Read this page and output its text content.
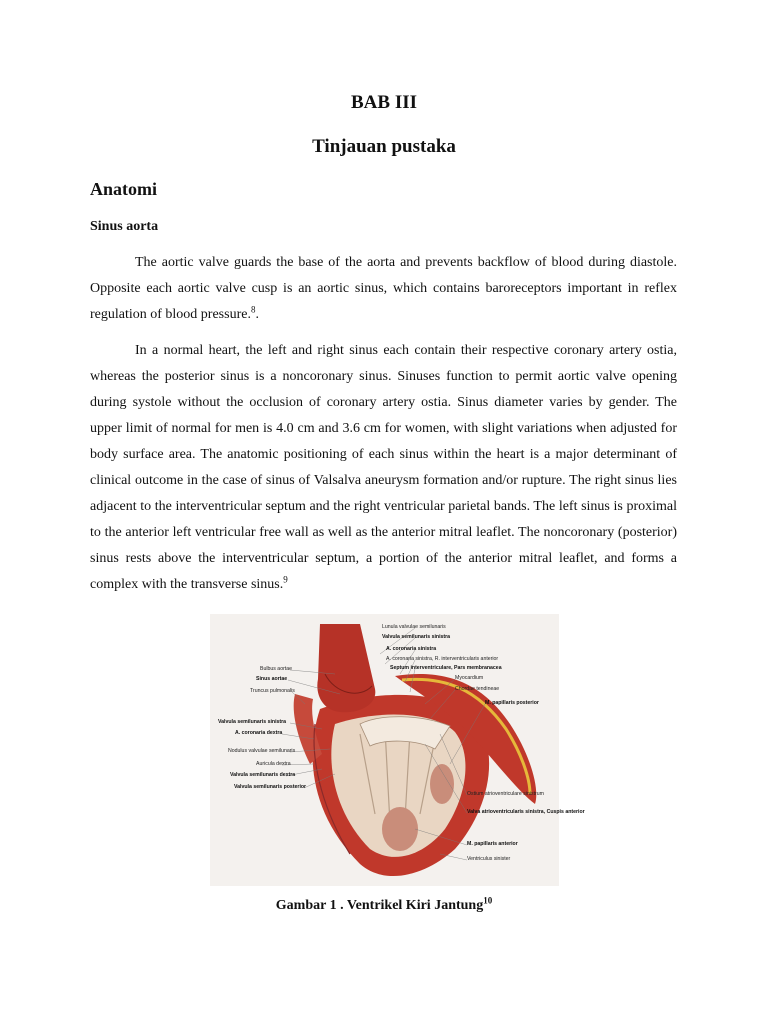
BAB III
Tinjauan pustaka
Anatomi
Sinus aorta

The aortic valve guards the base of the aorta and prevents backflow of blood during diastole. Opposite each aortic valve cusp is an aortic sinus, which contains baroreceptors important in reflex regulation of blood pressure.$^8$.

In a normal heart, the left and right sinus each contain their respective coronary artery ostia, whereas the posterior sinus is a noncoronary sinus. Sinuses function to permit aortic valve opening during systole without the occlusion of coronary artery ostia. Sinus diameter varies by gender. The upper limit of normal for men is 4.0 cm and 3.6 cm for women, with slight variations when adjusted for body surface area. The anatomic positioning of each sinus within the heart is a major determinant of clinical outcome in the case of sinus of Valsalva aneurysm formation and/or rupture. The right sinus lies adjacent to the interventricular septum and the right ventricular parietal bands. The left sinus is proximal to the anterior left ventricular free wall as well as the anterior mitral leaflet. The noncoronary (posterior) sinus rests above the interventricular septum, a portion of the anterior mitral leaflet, and forms a complex with the transverse sinus.$^9$

Bulbus aortae
Sinus aortae
Truncus pulmonalis
Valvula semilunaris sinistra
A. coronaria dextra
Nodulus valvulae semilunaris
Auricula dextra
Valvula semilunaris dextra
Valvula semilunaris posterior
Lunula valvulae semilunaris
Valvula semilunaris sinistra
A. coronaria sinistra
A. coronaria sinistra, R. interventricularis anterior
Septum interventriculare, Pars membranacea
Myocardium
Chordae tendineae
M. papillaris posterior
Ostium atrioventriculare sinistrum
Valva atrioventricularis sinistra, Cuspis anterior
M. papillaris anterior
Ventriculus sinister
Gambar 1 . Ventrikel Kiri Jantung$^{10}$
